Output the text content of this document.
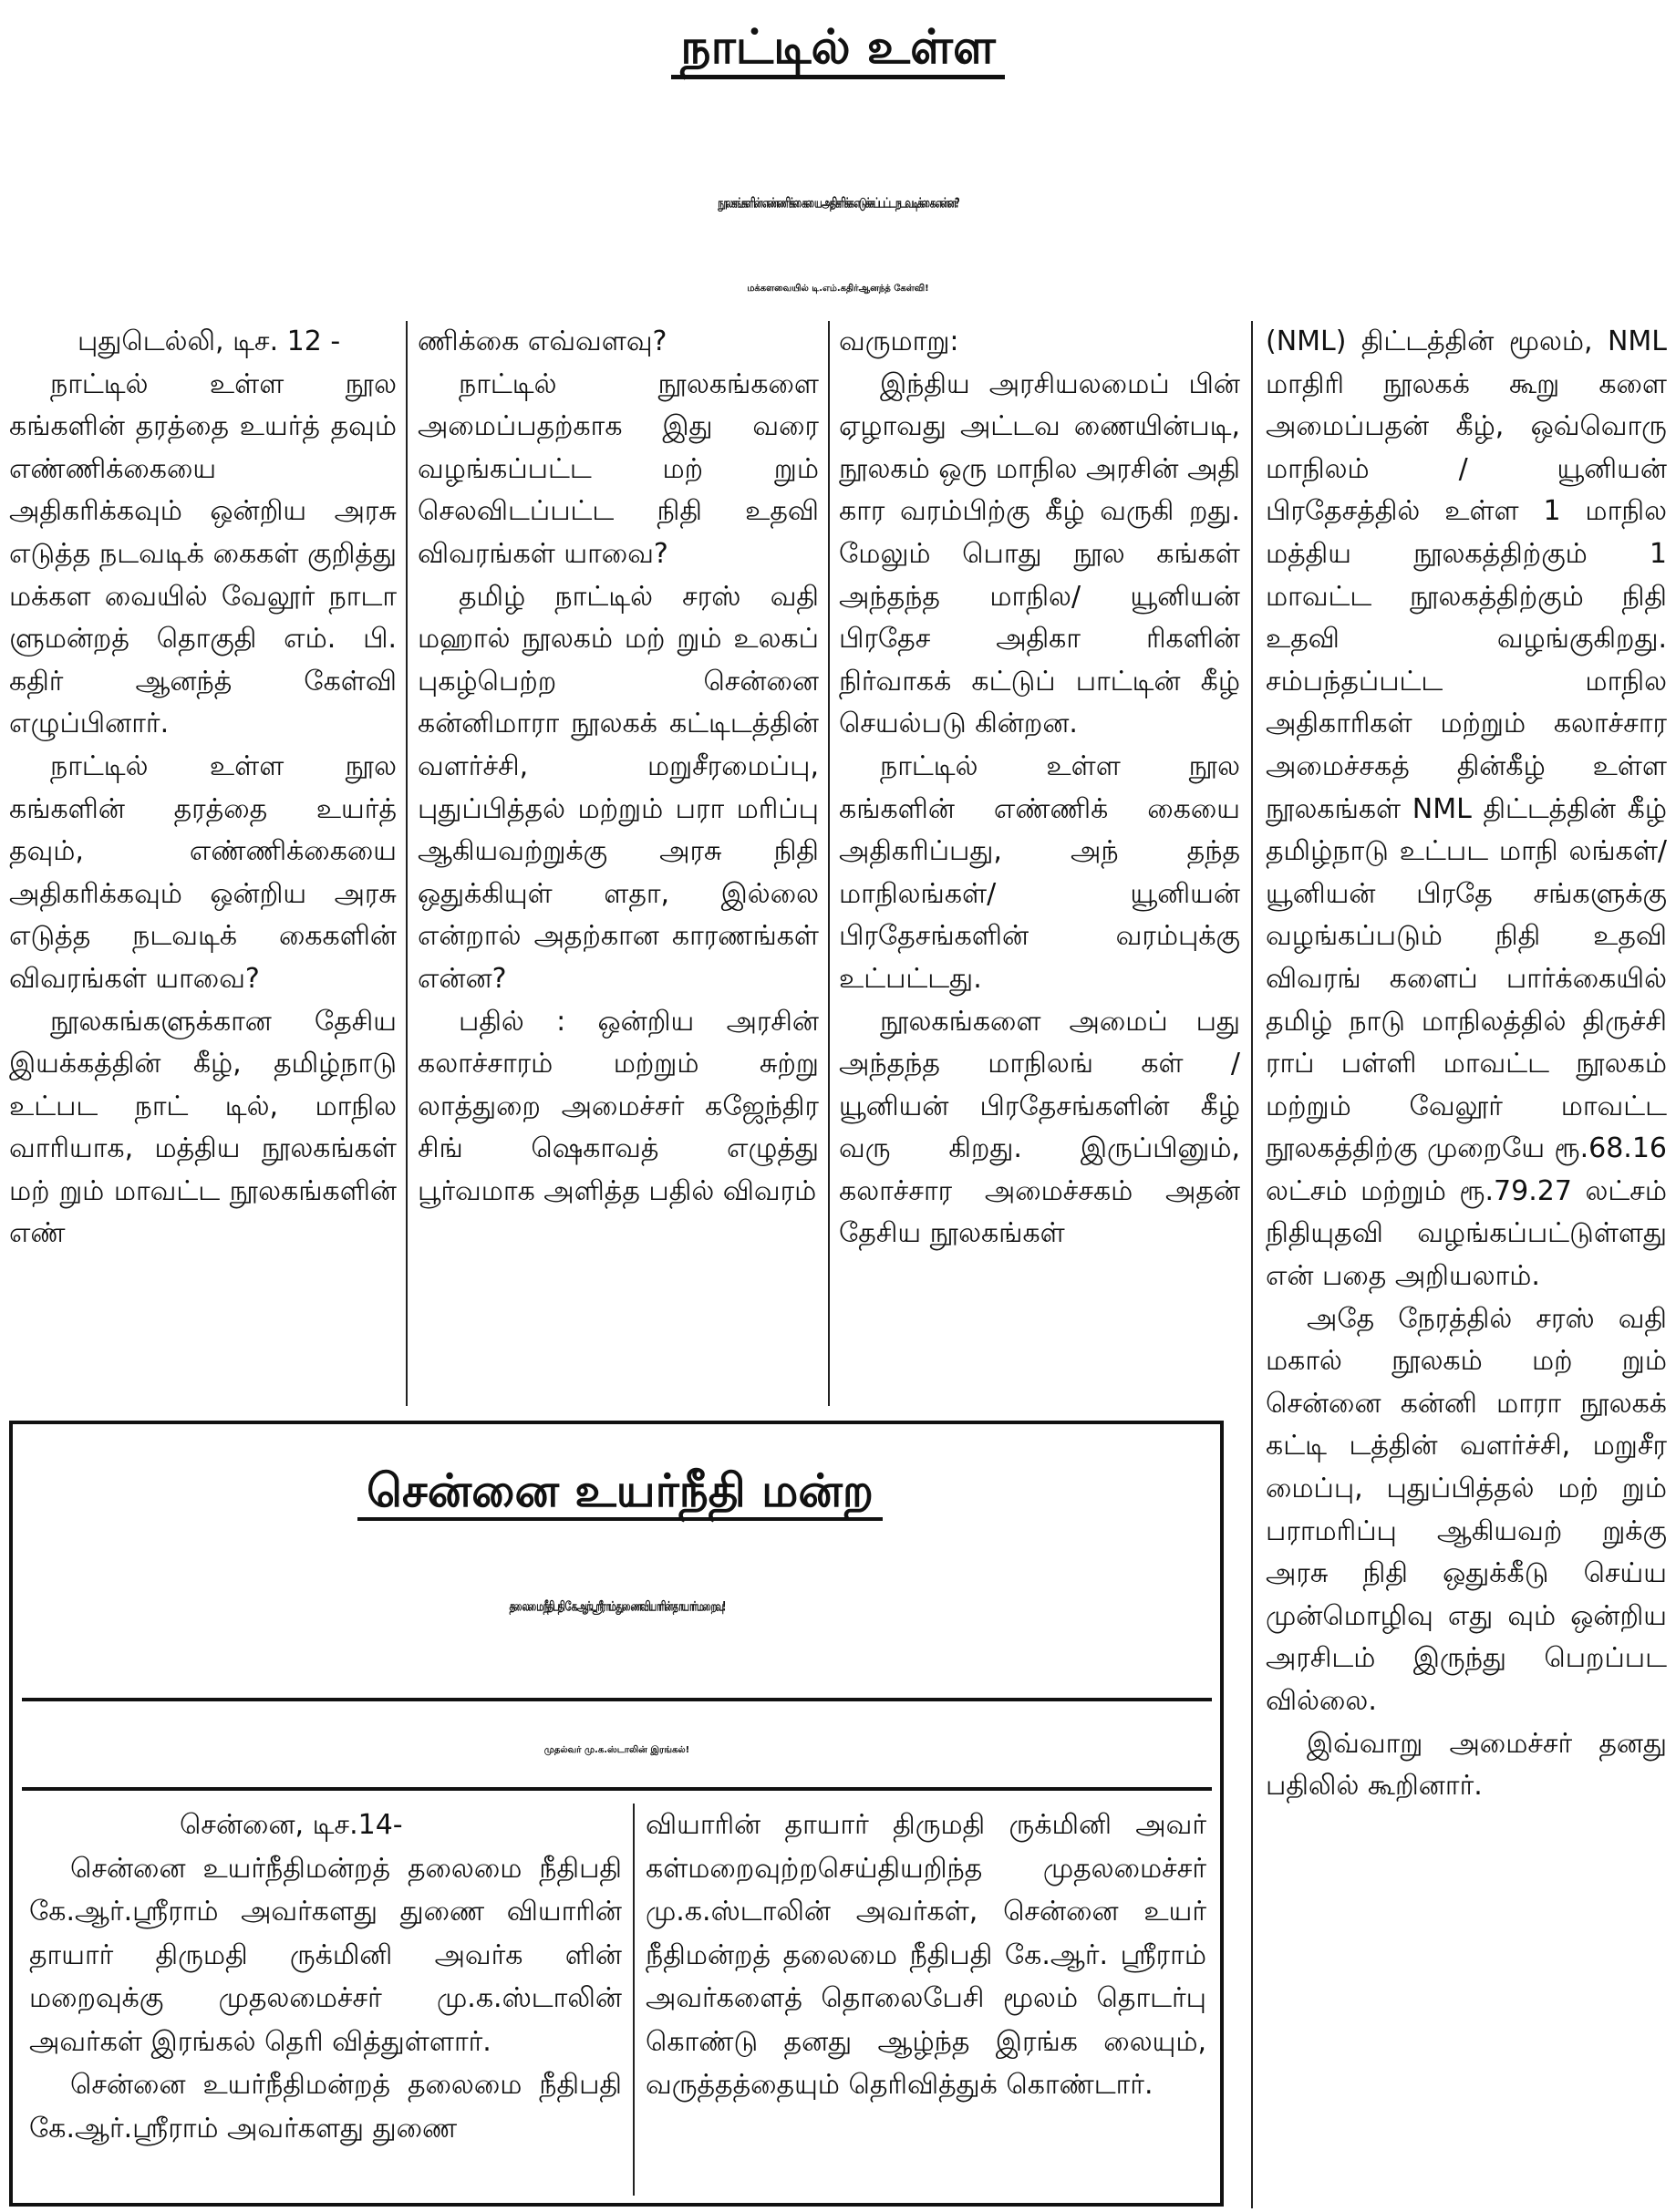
நாட்டில் உள்ள
நூலகங்களின் எண்ணிக்கையை அதிகரிக்க எடுக்கப்பட்ட நடவடிக்கை என்ன?
மக்களவையில் டி.எம்.கதிர்ஆனந்த் கேள்வி!

புதுடெல்லி, டிச. 12 -

நாட்டில் உள்ள நூல கங்களின் தரத்தை உயர்த் தவும் எண்ணிக்கையை அதிகரிக்கவும் ஒன்றிய அரசு எடுத்த நடவடிக் கைகள் குறித்து மக்கள வையில் வேலூர் நாடா ளுமன்றத் தொகுதி எம். பி. கதிர் ஆனந்த் கேள்வி எழுப்பினார்.

நாட்டில் உள்ள நூல கங்களின் தரத்தை உயர்த் தவும், எண்ணிக்கையை அதிகரிக்கவும் ஒன்றிய அரசு எடுத்த நடவடிக் கைகளின் விவரங்கள் யாவை?

நூலகங்களுக்கான தேசிய இயக்கத்தின் கீழ், தமிழ்நாடு உட்பட நாட் டில், மாநில வாரியாக, மத்திய நூலகங்கள் மற் றும் மாவட்ட நூலகங்களின் எண்

ணிக்கை எவ்வளவு?

நாட்டில் நூலகங்களை அமைப்பதற்காக இது வரை வழங்கப்பட்ட மற் றும் செலவிடப்பட்ட நிதி உதவி விவரங்கள் யாவை?

தமிழ் நாட்டில் சரஸ் வதி மஹால் நூலகம் மற் றும் உலகப் புகழ்பெற்ற சென்னை கன்னிமாரா நூலகக் கட்டிடத்தின் வளர்ச்சி, மறுசீரமைப்பு, புதுப்பித்தல் மற்றும் பரா மரிப்பு ஆகியவற்றுக்கு அரசு நிதி ஒதுக்கியுள் ளதா, இல்லை என்றால் அதற்கான காரணங்கள் என்ன?

பதில் : ஒன்றிய அரசின் கலாச்சாரம் மற்றும் சுற்று லாத்துறை அமைச்சர் கஜேந்திர சிங் ஷெகாவத் எழுத்து பூர்வமாக அளித்த பதில் விவரம்

வருமாறு:

இந்திய அரசியலமைப் பின் ஏழாவது அட்டவ ணையின்படி, நூலகம் ஒரு மாநில அரசின் அதி கார வரம்பிற்கு கீழ் வருகி றது. மேலும் பொது நூல கங்கள் அந்தந்த மாநில/ யூனியன் பிரதேச அதிகா ரிகளின் நிர்வாகக் கட்டுப் பாட்டின் கீழ் செயல்படு கின்றன.

நாட்டில் உள்ள நூல கங்களின் எண்ணிக் கையை அதிகரிப்பது, அந் தந்த மாநிலங்கள்/ யூனியன் பிரதேசங்களின் வரம்புக்கு உட்பட்டது.

நூலகங்களை அமைப் பது அந்தந்த மாநிலங் கள் / யூனியன் பிரதேசங்களின் கீழ் வரு கிறது. இருப்பினும், கலாச்சார அமைச்சகம் அதன் தேசிய நூலகங்கள்

(NML) திட்டத்தின் மூலம், NML மாதிரி நூலகக் கூறு களை அமைப்பதன் கீழ், ஒவ்வொரு மாநிலம் / யூனியன் பிரதேசத்தில் உள்ள 1 மாநில மத்திய நூலகத்திற்கும் 1 மாவட்ட நூலகத்திற்கும் நிதி உதவி வழங்குகிறது. சம்பந்தப்பட்ட மாநில அதிகாரிகள் மற்றும் கலாச்சார அமைச்சகத் தின்கீழ் உள்ள நூலகங்கள் NML திட்டத்தின் கீழ் தமிழ்நாடு உட்பட மாநி லங்கள்/யூனியன் பிரதே சங்களுக்கு வழங்கப்படும் நிதி உதவி விவரங் களைப் பார்க்கையில் தமிழ் நாடு மாநிலத்தில் திருச்சி ராப் பள்ளி மாவட்ட நூலகம் மற்றும் வேலூர் மாவட்ட நூலகத்திற்கு முறையே ரூ.68.16 லட்சம் மற்றும் ரூ.79.27 லட்சம் நிதியுதவி வழங்கப்பட்டுள்ளது என் பதை அறியலாம்.

அதே நேரத்தில் சரஸ் வதி மகால் நூலகம் மற் றும் சென்னை கன்னி மாரா நூலகக் கட்டி டத்தின் வளர்ச்சி, மறுசீர மைப்பு, புதுப்பித்தல் மற் றும் பராமரிப்பு ஆகியவற் றுக்கு அரசு நிதி ஒதுக்கீடு செய்ய முன்மொழிவு எது வும் ஒன்றிய அரசிடம் இருந்து பெறப்பட வில்லை.

இவ்வாறு அமைச்சர் தனது பதிலில் கூறினார்.

சென்னை உயர்நீதி மன்ற
தலைமை நீதிபதி கே.ஆர்.ஸ்ரீராம் துணைவியாரின் தாயார் மறைவு!
முதல்வர் மு.க.ஸ்டாலின் இரங்கல்!

சென்னை, டிச.14-

சென்னை உயர்நீதிமன்றத் தலைமை நீதிபதி கே.ஆர்.ஸ்ரீராம் அவர்களது துணை வியாரின் தாயார் திருமதி ருக்மினி அவர்க ளின் மறைவுக்கு முதலமைச்சர் மு.க.ஸ்டாலின் அவர்கள் இரங்கல் தெரி வித்துள்ளார்.

சென்னை உயர்நீதிமன்றத் தலைமை நீதிபதி கே.ஆர்.ஸ்ரீராம் அவர்களது துணை

வியாரின் தாயார் திருமதி ருக்மினி அவர் கள்மறைவுற்றசெய்தியறிந்த முதலமைச்சர் மு.க.ஸ்டாலின் அவர்கள், சென்னை உயர் நீதிமன்றத் தலைமை நீதிபதி கே.ஆர். ஸ்ரீராம் அவர்களைத் தொலைபேசி மூலம் தொடர்பு கொண்டு தனது ஆழ்ந்த இரங்க லையும், வருத்தத்தையும் தெரிவித்துக் கொண்டார்.
